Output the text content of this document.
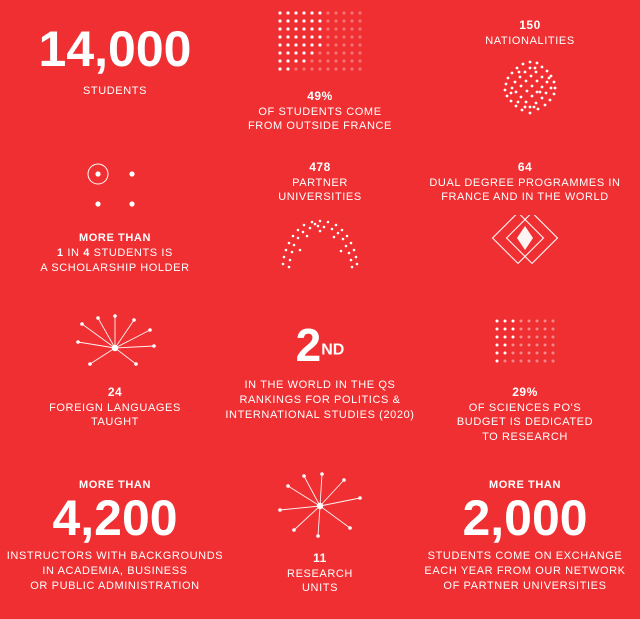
14,000
STUDENTS	49%
OF STUDENTS COME
FROM OUTSIDE FRANCE
150
NATIONALITIES
MORE THAN
1 IN 4 STUDENTS IS
A SCHOLARSHIP HOLDER
478
PARTNER
UNIVERSITIES
64
DUAL DEGREE PROGRAMMES IN
FRANCE AND IN THE WORLD
24
FOREIGN LANGUAGES
TAUGHT
2ND
IN THE WORLD IN THE QS
RANKINGS FOR POLITICS &
INTERNATIONAL STUDIES (2020)
29%
OF SCIENCES PO'S
BUDGET IS DEDICATED
TO RESEARCH
MORE THAN
4,200
INSTRUCTORS WITH BACKGROUNDS
IN ACADEMIA, BUSINESS
OR PUBLIC ADMINISTRATION
11
RESEARCH
UNITS
MORE THAN
2,000
STUDENTS COME ON EXCHANGE
EACH YEAR FROM OUR NETWORK
OF PARTNER UNIVERSITIES
